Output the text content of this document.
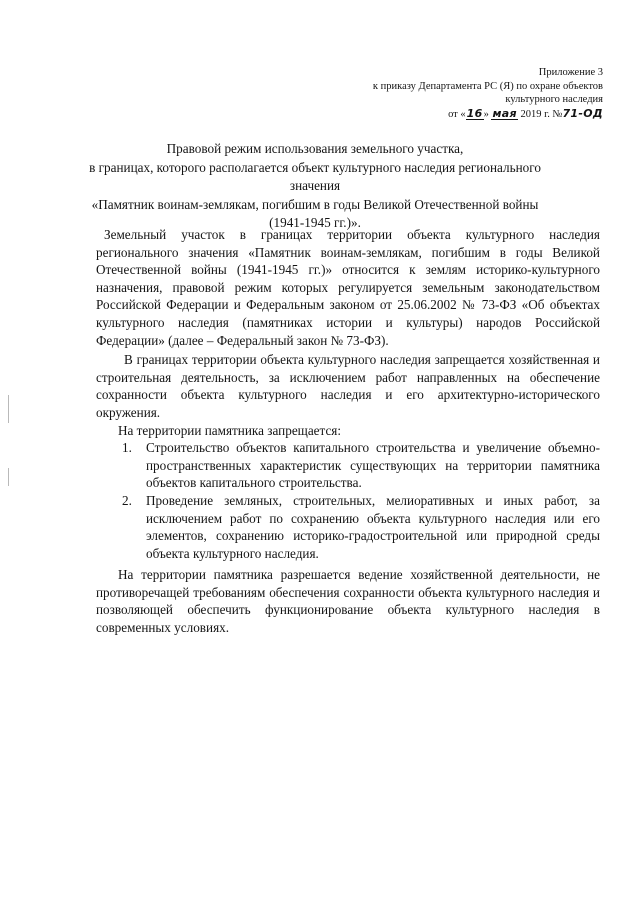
Приложение 3
к приказу Департамента РС (Я) по охране объектов
культурного наследия
от «16» мая 2019 г. №71-ОД
Правовой режим использования земельного участка,
в границах, которого располагается объект культурного наследия регионального значения
«Памятник воинам-землякам, погибшим в годы Великой Отечественной войны
(1941-1945 гг.)».

Земельный участок в границах территории объекта культурного наследия регионального значения «Памятник воинам-землякам, погибшим в годы Великой Отечественной войны (1941-1945 гг.)» относится к землям историко-культурного назначения, правовой режим которых регулируется земельным законодательством Российской Федерации и Федеральным законом от 25.06.2002 № 73-ФЗ «Об объектах культурного наследия (памятниках истории и культуры) народов Российской Федерации» (далее – Федеральный закон № 73-ФЗ).

В границах территории объекта культурного наследия запрещается хозяйственная и строительная деятельность, за исключением работ направленных на обеспечение сохранности объекта культурного наследия и его архитектурно-исторического окружения.

На территории памятника запрещается:

1. Строительство объектов капитального строительства и увеличение объемно-пространственных характеристик существующих на территории памятника объектов капитального строительства.
2. Проведение земляных, строительных, мелиоративных и иных работ, за исключением работ по сохранению объекта культурного наследия или его элементов, сохранению историко-градостроительной или природной среды объекта культурного наследия.

На территории памятника разрешается ведение хозяйственной деятельности, не противоречащей требованиям обеспечения сохранности объекта культурного наследия и позволяющей обеспечить функционирование объекта культурного наследия в современных условиях.
